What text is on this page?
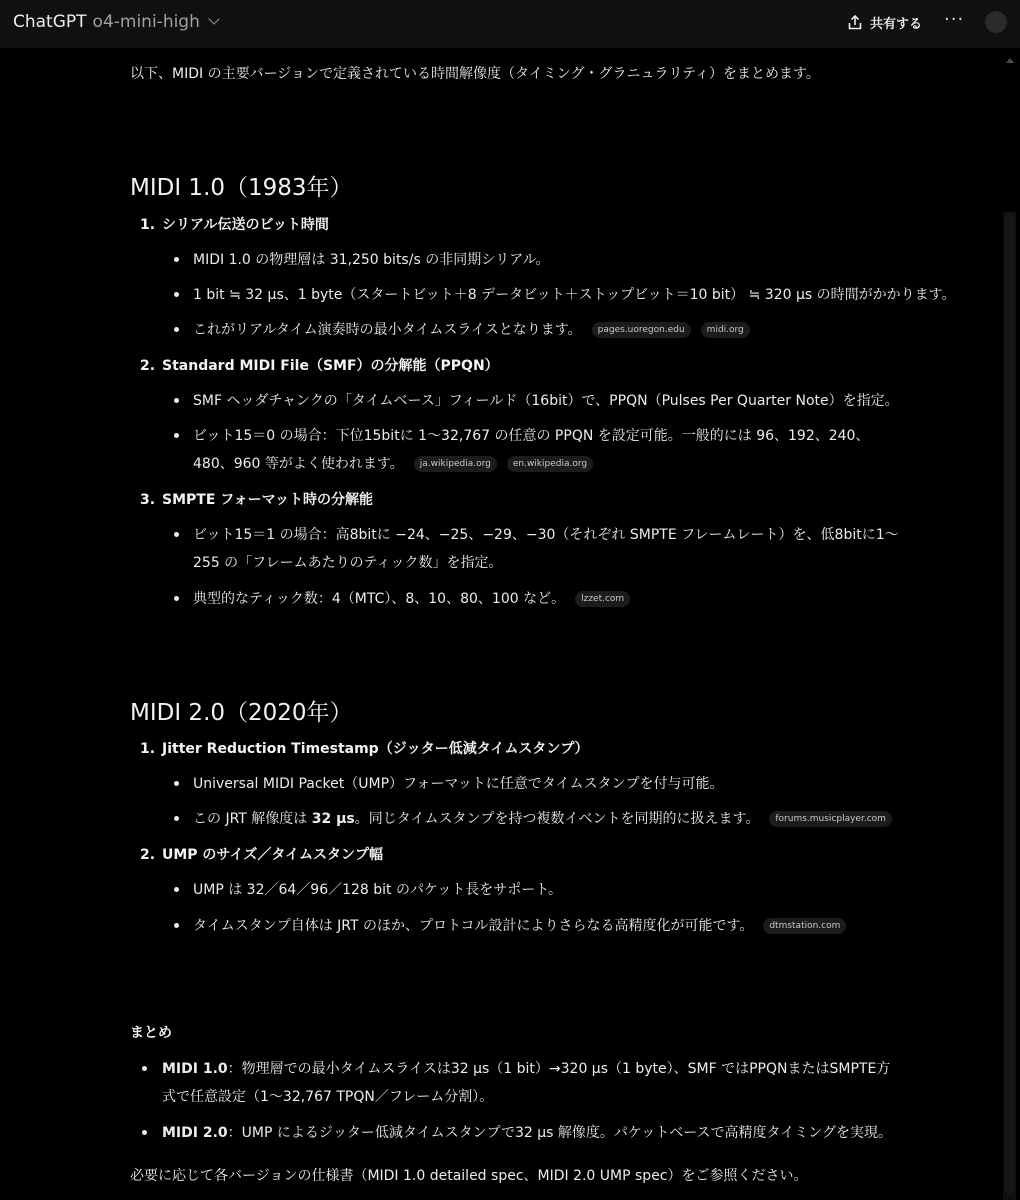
ChatGPT o4-mini-high	共有する ···
以下、MIDI の主要バージョンで定義されている時間解像度（タイミング・グラニュラリティ）をまとめます。
MIDI 1.0（1983年）
1. シリアル伝送のビット時間
MIDI 1.0 の物理層は 31,250 bits/s の非同期シリアル。
1 bit ≒ 32 µs、1 byte（スタートビット＋8 データビット＋ストップビット＝10 bit） ≒ 320 µs の時間がかかります。
これがリアルタイム演奏時の最小タイムスライスとなります。 pages.uoregon.edu midi.org
2. Standard MIDI File（SMF）の分解能（PPQN）
SMF ヘッダチャンクの「タイムベース」フィールド（16bit）で、PPQN（Pulses Per Quarter Note）を指定。
ビット15＝0 の場合：下位15bitに 1〜32,767 の任意の PPQN を設定可能。一般的には 96、192、240、
480、960 等がよく使われます。 ja.wikipedia.org en.wikipedia.org
3. SMPTE フォーマット時の分解能
ビット15＝1 の場合：高8bitに −24、−25、−29、−30（それぞれ SMPTE フレームレート）を、低8bitに1〜
255 の「フレームあたりのティック数」を指定。
典型的なティック数：4（MTC）、8、10、80、100 など。 lzzet.com
MIDI 2.0（2020年）
1. Jitter Reduction Timestamp（ジッター低減タイムスタンプ）
Universal MIDI Packet（UMP）フォーマットに任意でタイムスタンプを付与可能。
この JRT 解像度は 32 µs。同じタイムスタンプを持つ複数イベントを同期的に扱えます。 forums.musicplayer.com
2. UMP のサイズ／タイムスタンプ幅
UMP は 32／64／96／128 bit のパケット長をサポート。
タイムスタンプ自体は JRT のほか、プロトコル設計によりさらなる高精度化が可能です。 dtmstation.com
まとめ
MIDI 1.0：物理層での最小タイムスライスは32 µs（1 bit）→320 µs（1 byte）、SMF ではPPQNまたはSMPTE方
式で任意設定（1〜32,767 TPQN／フレーム分割）。
MIDI 2.0：UMP によるジッター低減タイムスタンプで32 µs 解像度。パケットベースで高精度タイミングを実現。
必要に応じて各バージョンの仕様書（MIDI 1.0 detailed spec、MIDI 2.0 UMP spec）をご参照ください。
